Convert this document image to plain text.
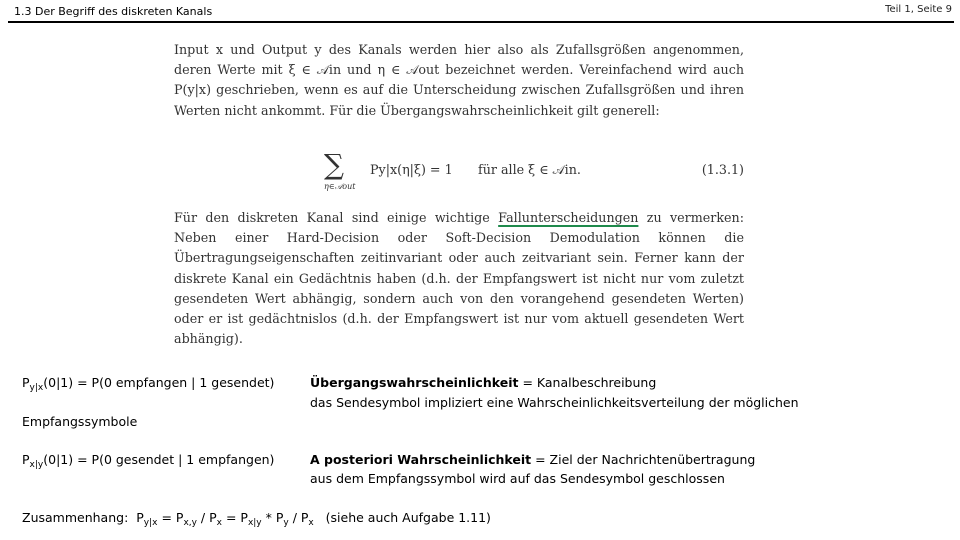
1.3 Der Begriff des diskreten Kanals	Teil 1, Seite 9
Input x und Output y des Kanals werden hier also als Zufallsgrößen angenommen, deren Werte mit ξ ∈ 𝒜in und η ∈ 𝒜out bezeichnet werden. Vereinfachend wird auch P(y|x) geschrieben, wenn es auf die Unterscheidung zwischen Zufallsgrößen und ihren Werten nicht ankommt. Für die Übergangswahrscheinlichkeit gilt generell:
∑
η∈𝒜out
Py|x(η|ξ) = 1 für alle ξ ∈ 𝒜in.	(1.3.1)
Für den diskreten Kanal sind einige wichtige Fallunterscheidungen zu vermerken: Neben einer Hard-Decision oder Soft-Decision Demodulation können die Übertragungseigenschaften zeitinvariant oder auch zeitvariant sein. Ferner kann der diskrete Kanal ein Gedächtnis haben (d.h. der Empfangswert ist nicht nur vom zuletzt gesendeten Wert abhängig, sondern auch von den vorangehend gesendeten Werten) oder er ist gedächtnislos (d.h. der Empfangswert ist nur vom aktuell gesendeten Wert abhängig).
$P_{y|x}(0|1) = P(0$ empfangen | 1 gesendet)	Übergangswahrscheinlichkeit = Kanalbeschreibung
das Sendesymbol impliziert eine Wahrscheinlichkeitsverteilung der möglichen
Empfangssymbole
$P_{x|y}(0|1) = P(0$ gesendet | 1 empfangen)	A posteriori Wahrscheinlichkeit = Ziel der Nachrichtenübertragung
aus dem Empfangssymbol wird auf das Sendesymbol geschlossen
Zusammenhang: $P_{y|x} = P_{x,y} / P_x = P_{x|y} * P_y / P_x$ (siehe auch Aufgabe 1.11)
